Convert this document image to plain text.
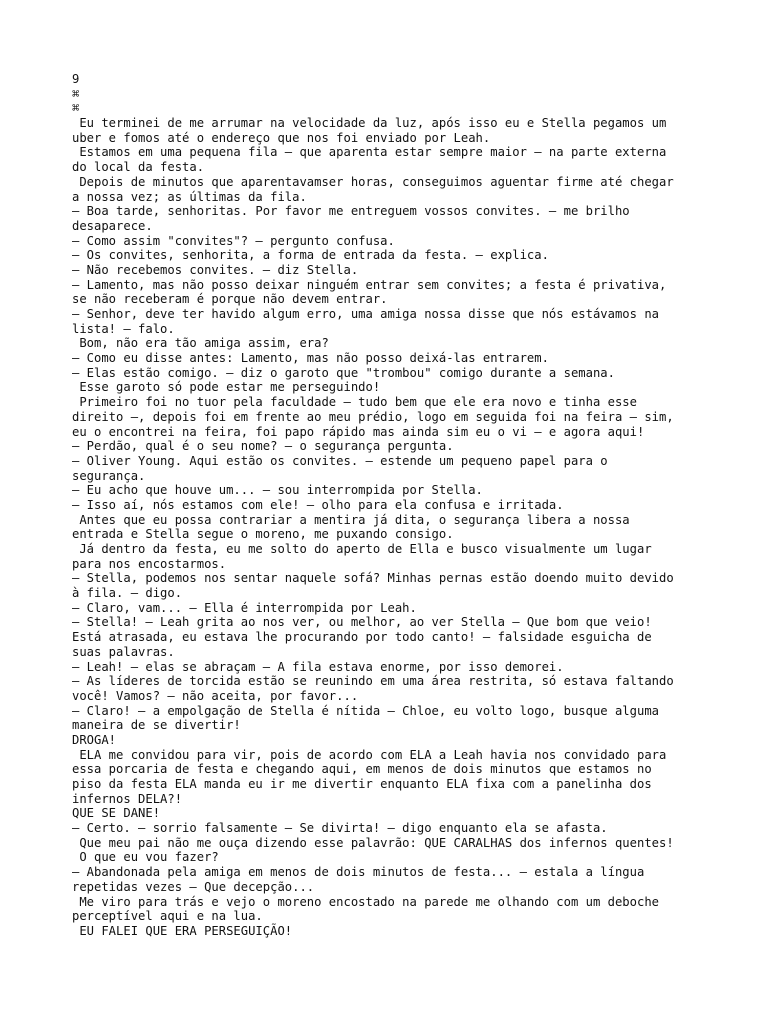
9
⌘
⌘
Eu terminei de me arrumar na velocidade da luz, após isso eu e Stella pegamos um
uber e fomos até o endereço que nos foi enviado por Leah.
Estamos em uma pequena fila — que aparenta estar sempre maior — na parte externa
do local da festa.
Depois de minutos que aparentavamser horas, conseguimos aguentar firme até chegar
a nossa vez; as últimas da fila.
— Boa tarde, senhoritas. Por favor me entreguem vossos convites. — me brilho
desaparece.
— Como assim "convites"? — pergunto confusa.
— Os convites, senhorita, a forma de entrada da festa. — explica.
— Não recebemos convites. — diz Stella.
— Lamento, mas não posso deixar ninguém entrar sem convites; a festa é privativa,
se não receberam é porque não devem entrar.
— Senhor, deve ter havido algum erro, uma amiga nossa disse que nós estávamos na
lista! — falo.
Bom, não era tão amiga assim, era?
— Como eu disse antes: Lamento, mas não posso deixá-las entrarem.
— Elas estão comigo. — diz o garoto que "trombou" comigo durante a semana.
Esse garoto só pode estar me perseguindo!
Primeiro foi no tuor pela faculdade — tudo bem que ele era novo e tinha esse
direito —, depois foi em frente ao meu prédio, logo em seguida foi na feira — sim,
eu o encontrei na feira, foi papo rápido mas ainda sim eu o vi — e agora aqui!
— Perdão, qual é o seu nome? — o segurança pergunta.
— Oliver Young. Aqui estão os convites. — estende um pequeno papel para o
segurança.
— Eu acho que houve um... — sou interrompida por Stella.
— Isso aí, nós estamos com ele! — olho para ela confusa e irritada.
Antes que eu possa contrariar a mentira já dita, o segurança libera a nossa
entrada e Stella segue o moreno, me puxando consigo.
Já dentro da festa, eu me solto do aperto de Ella e busco visualmente um lugar
para nos encostarmos.
— Stella, podemos nos sentar naquele sofá? Minhas pernas estão doendo muito devido
à fila. — digo.
— Claro, vam... — Ella é interrompida por Leah.
— Stella! — Leah grita ao nos ver, ou melhor, ao ver Stella — Que bom que veio!
Está atrasada, eu estava lhe procurando por todo canto! — falsidade esguicha de
suas palavras.
— Leah! — elas se abraçam — A fila estava enorme, por isso demorei.
— As líderes de torcida estão se reunindo em uma área restrita, só estava faltando
você! Vamos? — não aceita, por favor...
— Claro! — a empolgação de Stella é nítida — Chloe, eu volto logo, busque alguma
maneira de se divertir!
DROGA!
ELA me convidou para vir, pois de acordo com ELA a Leah havia nos convidado para
essa porcaria de festa e chegando aqui, em menos de dois minutos que estamos no
piso da festa ELA manda eu ir me divertir enquanto ELA fixa com a panelinha dos
infernos DELA?!
QUE SE DANE!
— Certo. — sorrio falsamente — Se divirta! — digo enquanto ela se afasta.
Que meu pai não me ouça dizendo esse palavrão: QUE CARALHAS dos infernos quentes!
O que eu vou fazer?
— Abandonada pela amiga em menos de dois minutos de festa... — estala a língua
repetidas vezes — Que decepção...
Me viro para trás e vejo o moreno encostado na parede me olhando com um deboche
perceptível aqui e na lua.
EU FALEI QUE ERA PERSEGUIÇÃO!
